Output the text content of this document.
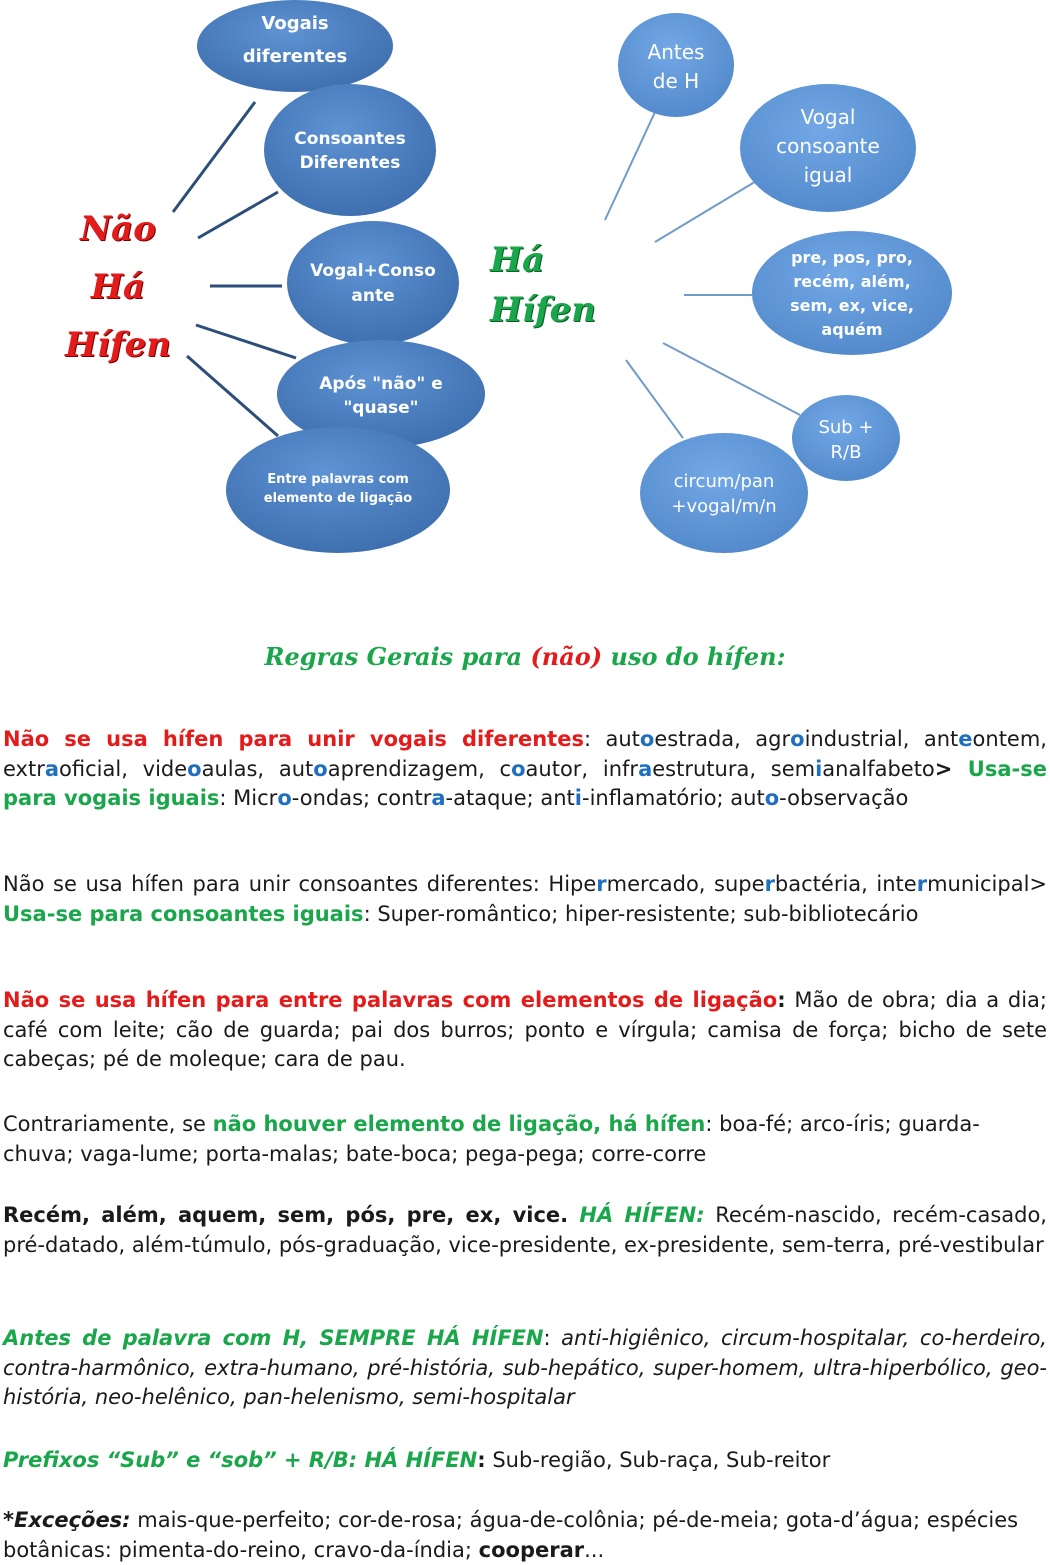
Vogais
diferentes
Consoantes
Diferentes
Vogal+Conso
ante
Após "não" e
"quase"
Entre palavras com
elemento de ligação
Antes
de H
Vogal
consoante
igual
pre, pos, pro,
recém, além,
sem, ex, vice,
aquém
Sub +
R/B
circum/pan
+vogal/m/n
Não
Há
Hífen
Há
Hífen
Regras Gerais para (não) uso do hífen:

Não se usa hífen para unir vogais diferentes: autoestrada, agroindustrial, anteontem, extraoficial, videoaulas, autoaprendizagem, coautor, infraestrutura, semianalfabeto> Usa-se para vogais iguais: Micro-ondas; contra-ataque; anti-inflamatório; auto-observação

Não se usa hífen para unir consoantes diferentes: Hipermercado, superbactéria, intermunicipal> Usa-se para consoantes iguais: Super-romântico; hiper-resistente; sub-bibliotecário

Não se usa hífen para entre palavras com elementos de ligação: Mão de obra; dia a dia; café com leite; cão de guarda; pai dos burros; ponto e vírgula; camisa de força; bicho de sete cabeças; pé de moleque; cara de pau.

Contrariamente, se não houver elemento de ligação, há hífen: boa-fé; arco-íris; guarda-chuva; vaga-lume; porta-malas; bate-boca; pega-pega; corre-corre

Recém, além, aquem, sem, pós, pre, ex, vice. HÁ HÍFEN: Recém-nascido, recém-casado, pré-datado, além-túmulo, pós-graduação, vice-presidente, ex-presidente, sem-terra, pré-vestibular

Antes de palavra com H, SEMPRE HÁ HÍFEN: anti-higiênico, circum-hospitalar, co-herdeiro, contra-harmônico, extra-humano, pré-história, sub-hepático, super-homem, ultra-hiperbólico, geo-história, neo-helênico, pan-helenismo, semi-hospitalar

Prefixos “Sub” e “sob” + R/B: HÁ HÍFEN: Sub-região, Sub-raça, Sub-reitor

*Exceções: mais-que-perfeito; cor-de-rosa; água-de-colônia; pé-de-meia; gota-d’água; espécies botânicas: pimenta-do-reino, cravo-da-índia; cooperar...
